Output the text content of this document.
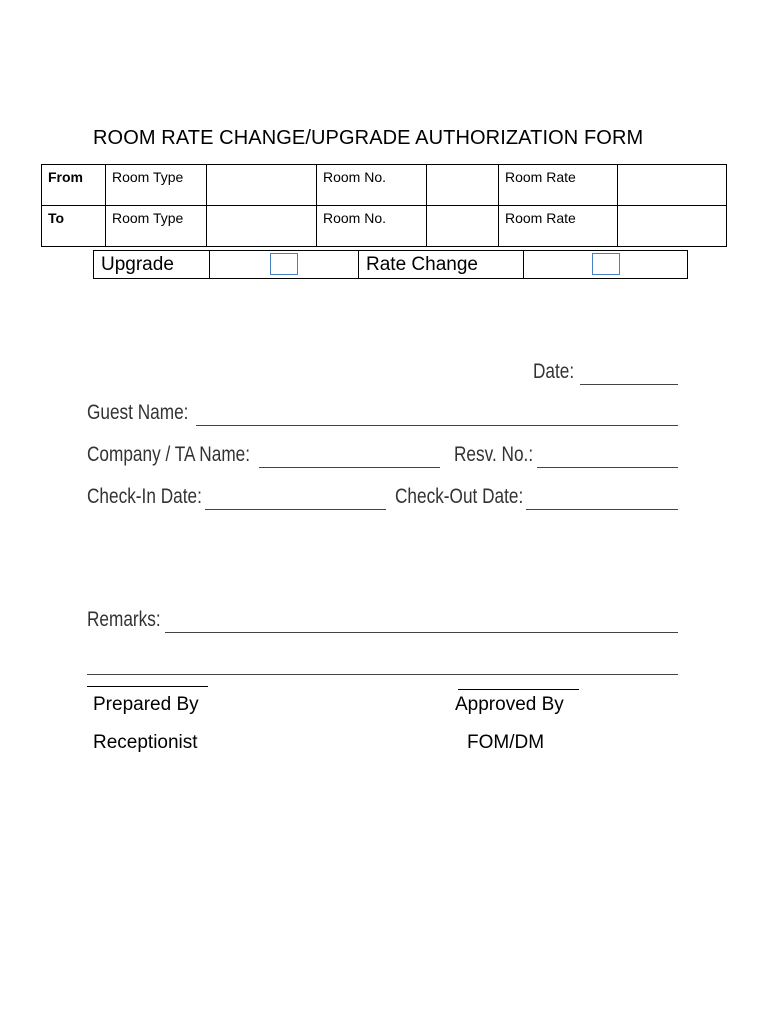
ROOM RATE CHANGE/UPGRADE AUTHORIZATION FORM
From	Room Type		Room No.		Room Rate	
To	Room Type		Room No.		Room Rate	
Upgrade		Rate Change	
Date:
Guest Name:
Company / TA Name:	Resv. No.:
Check-In Date:	Check-Out Date:
Remarks:
Prepared By
Receptionist
Approved By
FOM/DM
